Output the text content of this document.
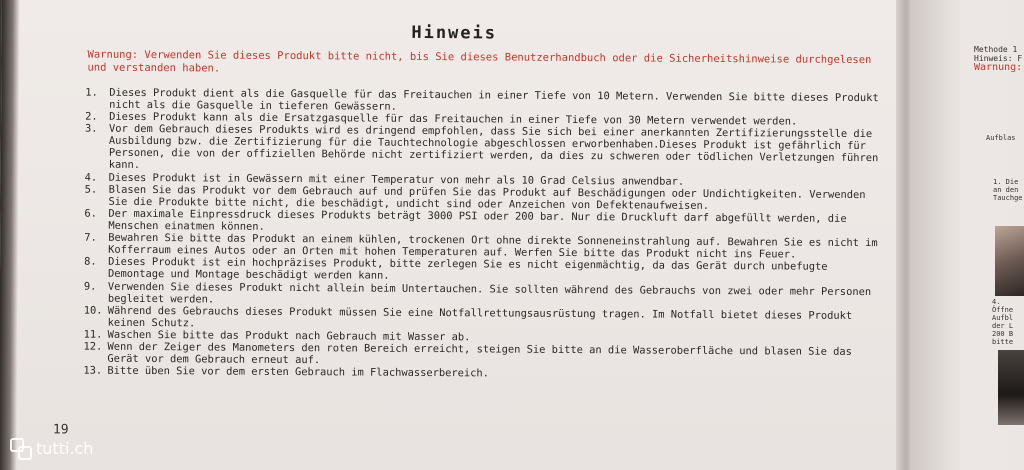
Hinweis
Warnung: Verwenden Sie dieses Produkt bitte nicht, bis Sie dieses Benutzerhandbuch oder die Sicherheitshinweise durchgelesen und verstanden haben.
1.	Dieses Produkt dient als die Gasquelle für das Freitauchen in einer Tiefe von 10 Metern. Verwenden Sie bitte dieses Produkt nicht als die Gasquelle in tieferen Gewässern.
2.	Dieses Produkt kann als die Ersatzgasquelle für das Freitauchen in einer Tiefe von 30 Metern verwendet werden.
3.	Vor dem Gebrauch dieses Produkts wird es dringend empfohlen, dass Sie sich bei einer anerkannten Zertifizierungsstelle die Ausbildung bzw. die Zertifizierung für die Tauchtechnologie abgeschlossen erworbenhaben.Dieses Produkt ist gefährlich für Personen, die von der offiziellen Behörde nicht zertifiziert werden, da dies zu schweren oder tödlichen Verletzungen führen kann.
4.	Dieses Produkt ist in Gewässern mit einer Temperatur von mehr als 10 Grad Celsius anwendbar.
5.	Blasen Sie das Produkt vor dem Gebrauch auf und prüfen Sie das Produkt auf Beschädigungen oder Undichtigkeiten. Verwenden Sie die Produkte bitte nicht, die beschädigt, undicht sind oder Anzeichen von Defektenaufweisen.
6.	Der maximale Einpressdruck dieses Produkts beträgt 3000 PSI oder 200 bar. Nur die Druckluft darf abgefüllt werden, die Menschen einatmen können.
7.	Bewahren Sie bitte das Produkt an einem kühlen, trockenen Ort ohne direkte Sonneneinstrahlung auf. Bewahren Sie es nicht im Kofferraum eines Autos oder an Orten mit hohen Temperaturen auf. Werfen Sie bitte das Produkt nicht ins Feuer.
8.	Dieses Produkt ist ein hochpräzises Produkt, bitte zerlegen Sie es nicht eigenmächtig, da das Gerät durch unbefugte Demontage und Montage beschädigt werden kann.
9.	Verwenden Sie dieses Produkt nicht allein beim Untertauchen. Sie sollten während des Gebrauchs von zwei oder mehr Personen begleitet werden.
10. Während des Gebrauchs dieses Produkt müssen Sie eine Notfallrettungsausrüstung tragen. Im Notfall bietet dieses Produkt keinen Schutz.
11. Waschen Sie bitte das Produkt nach Gebrauch mit Wasser ab.
12. Wenn der Zeiger des Manometers den roten Bereich erreicht, steigen Sie bitte an die Wasseroberfläche und blasen Sie das Gerät vor dem Gebrauch erneut auf.
13. Bitte üben Sie vor dem ersten Gebrauch im Flachwasserbereich.
19
Methode 1
Hinweis: F
Warnung:
Aufblas
1. Die
an den
Tauchge
4. Öffne
Aufbl
der L
200 B
bitte
tutti.ch
